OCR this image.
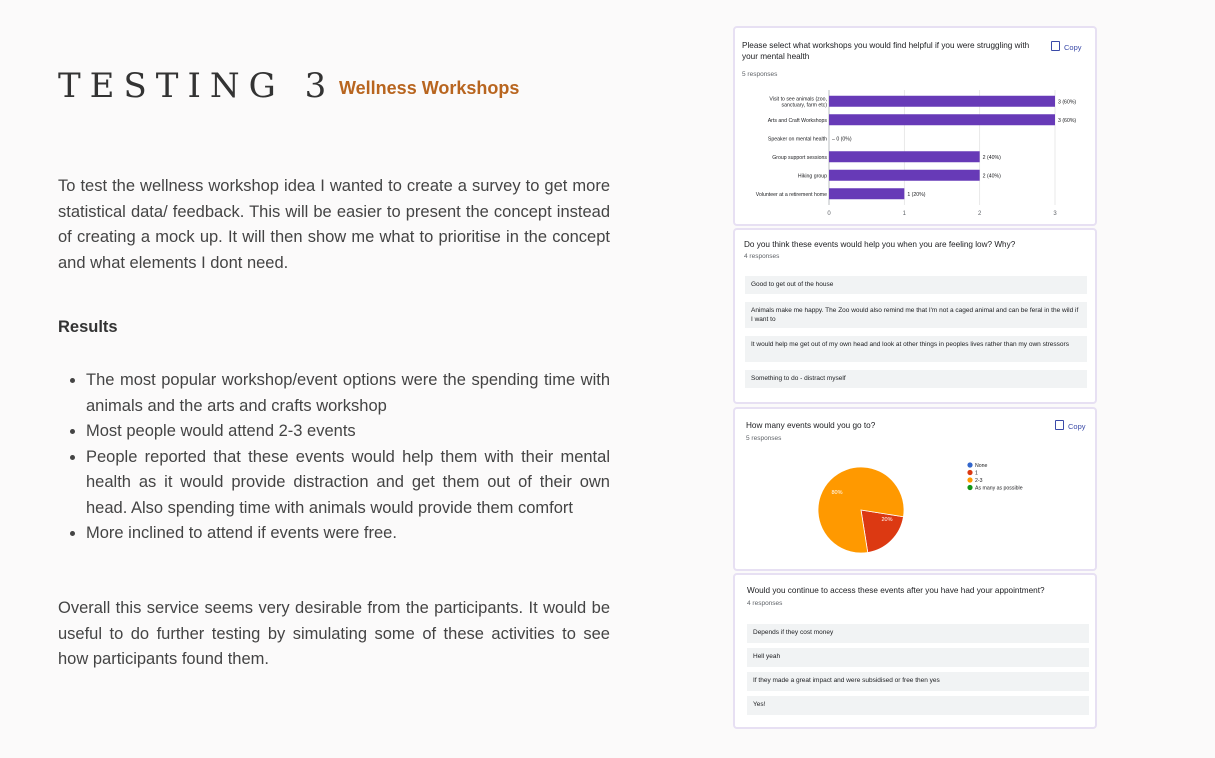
TESTING 3 Wellness Workshops

To test the wellness workshop idea I wanted to create a survey to get more statistical data/ feedback. This will be easier to present the concept instead of creating a mock up. It will then show me what to prioritise in the concept and what elements I dont need.

Results
• The most popular workshop/event options were the spending time with animals and the arts and crafts workshop
• Most people would attend 2-3 events
• People reported that these events would help them with their mental health as it would provide distraction and get them out of their own head. Also spending time with animals would provide them comfort
• More inclined to attend if events were free.

Overall this service seems very desirable from the participants. It would be useful to do further testing by simulating some of these activities to see how participants found them.

Please select what workshops you would find helpful if you were struggling with your mental health
5 responses
Copy
0	1	2	3
Visit to see animals (zoo, sanctuary, farm etc)	3 (60%)
Arts and Craft Workshops	3 (60%)
Speaker on mental health – 0 (0%)
Group support sessions	2 (40%)
Hiking group	2 (40%)
Volunteer at a retirement home	1 (20%)
Do you think these events would help you when you are feeling low? Why?
4 responses
Good to get out of the house
Animals make me happy. The Zoo would also remind me that I'm not a caged animal and can be feral in the wild if I want to
It would help me get out of my own head and look at other things in peoples lives rather than my own stressors
Something to do - distract myself
How many events would you go to?
5 responses
Copy
80%
20%
None
1
2-3
As many as possible
Would you continue to access these events after you have had your appointment?
4 responses
Depends if they cost money
Hell yeah
If they made a great impact and were subsidised or free then yes
Yes!
